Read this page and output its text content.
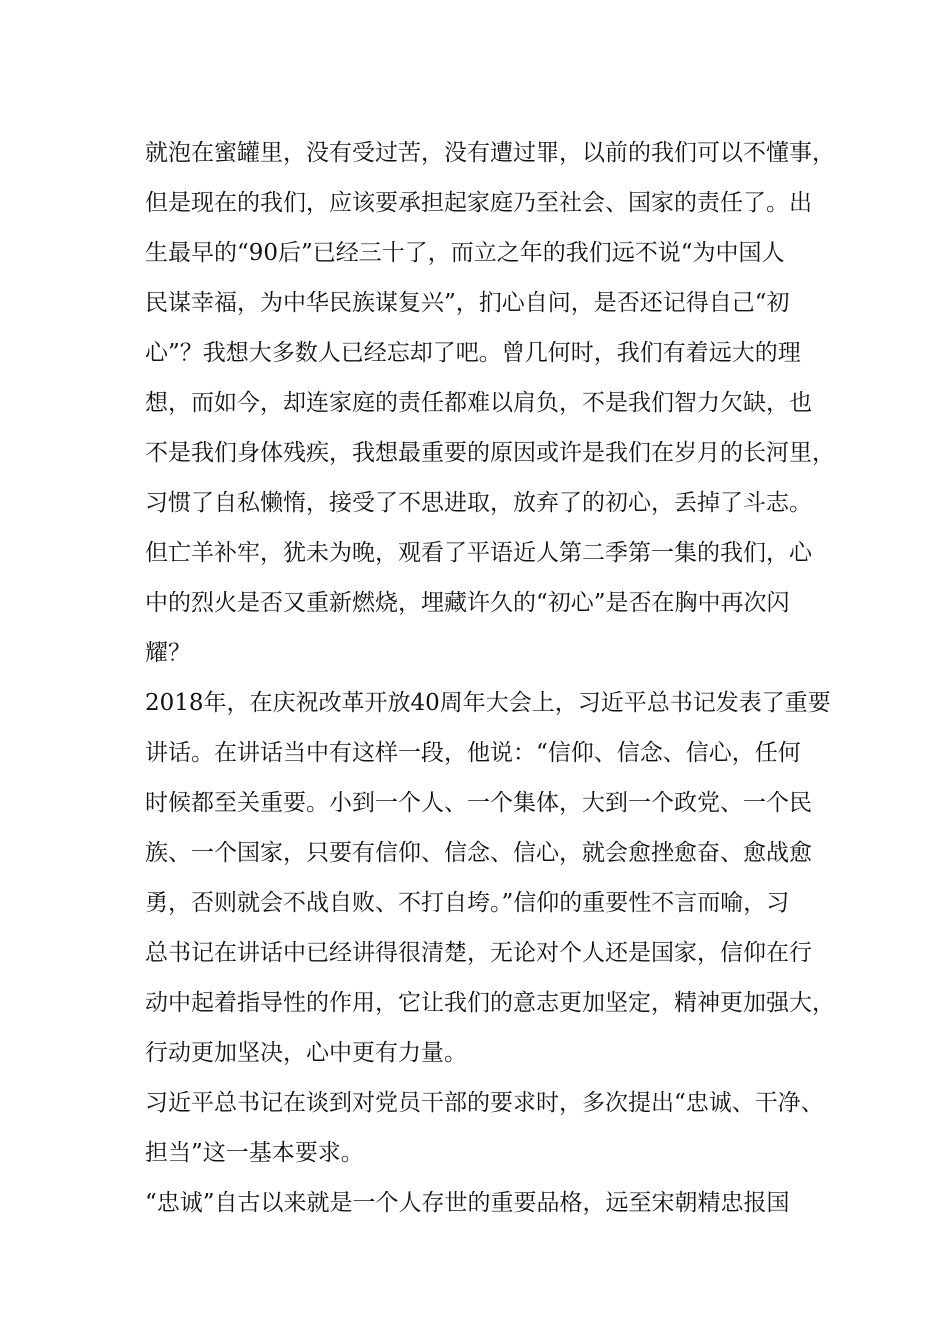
就泡在蜜罐里，没有受过苦，没有遭过罪，以前的我们可以不懂事，
但是现在的我们，应该要承担起家庭乃至社会、国家的责任了。出
生最早的“90后”已经三十了，而立之年的我们远不说“为中国人
民谋幸福，为中华民族谋复兴”，扪心自问，是否还记得自己“初
心”？我想大多数人已经忘却了吧。曾几何时，我们有着远大的理
想，而如今，却连家庭的责任都难以肩负，不是我们智力欠缺，也
不是我们身体残疾，我想最重要的原因或许是我们在岁月的长河里，
习惯了自私懒惰，接受了不思进取，放弃了的初心，丢掉了斗志。
但亡羊补牢，犹未为晚，观看了平语近人第二季第一集的我们，心
中的烈火是否又重新燃烧，埋藏许久的“初心”是否在胸中再次闪
耀？
2018年，在庆祝改革开放40周年大会上，习近平总书记发表了重要
讲话。在讲话当中有这样一段，他说：“信仰、信念、信心，任何
时候都至关重要。小到一个人、一个集体，大到一个政党、一个民
族、一个国家，只要有信仰、信念、信心，就会愈挫愈奋、愈战愈
勇，否则就会不战自败、不打自垮。”信仰的重要性不言而喻，习
总书记在讲话中已经讲得很清楚，无论对个人还是国家，信仰在行
动中起着指导性的作用，它让我们的意志更加坚定，精神更加强大，
行动更加坚决，心中更有力量。
习近平总书记在谈到对党员干部的要求时，多次提出“忠诚、干净、
担当”这一基本要求。
“忠诚”自古以来就是一个人存世的重要品格，远至宋朝精忠报国
